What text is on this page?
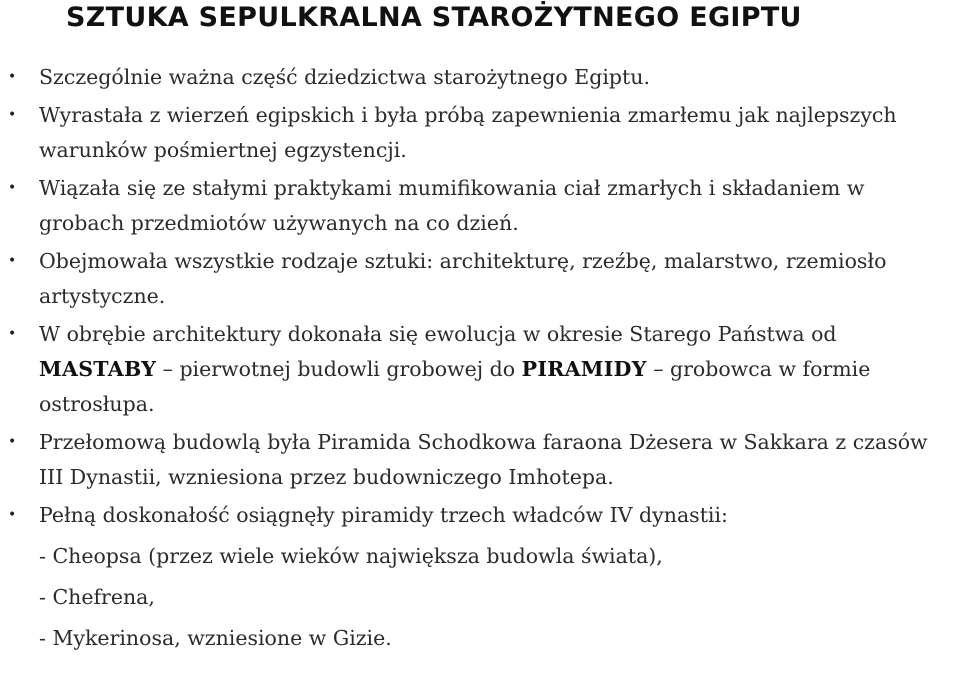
SZTUKA SEPULKRALNA STAROŻYTNEGO EGIPTU
• Szczególnie ważna część dziedzictwa starożytnego Egiptu.
• Wyrastała z wierzeń egipskich i była próbą zapewnienia zmarłemu jak najlepszych warunków pośmiertnej egzystencji.
• Wiązała się ze stałymi praktykami mumifikowania ciał zmarłych i składaniem w grobach przedmiotów używanych na co dzień.
• Obejmowała wszystkie rodzaje sztuki: architekturę, rzeźbę, malarstwo, rzemiosło artystyczne.
• W obrębie architektury dokonała się ewolucja w okresie Starego Państwa od MASTABY – pierwotnej budowli grobowej do PIRAMIDY – grobowca w formie ostrosłupa.
• Przełomową budowlą była Piramida Schodkowa faraona Dżesera w Sakkara z czasów III Dynastii, wzniesiona przez budowniczego Imhotepa.
• Pełną doskonałość osiągnęły piramidy trzech władców IV dynastii:
- Cheopsa (przez wiele wieków największa budowla świata),
- Chefrena,
- Mykerinosa, wzniesione w Gizie.
